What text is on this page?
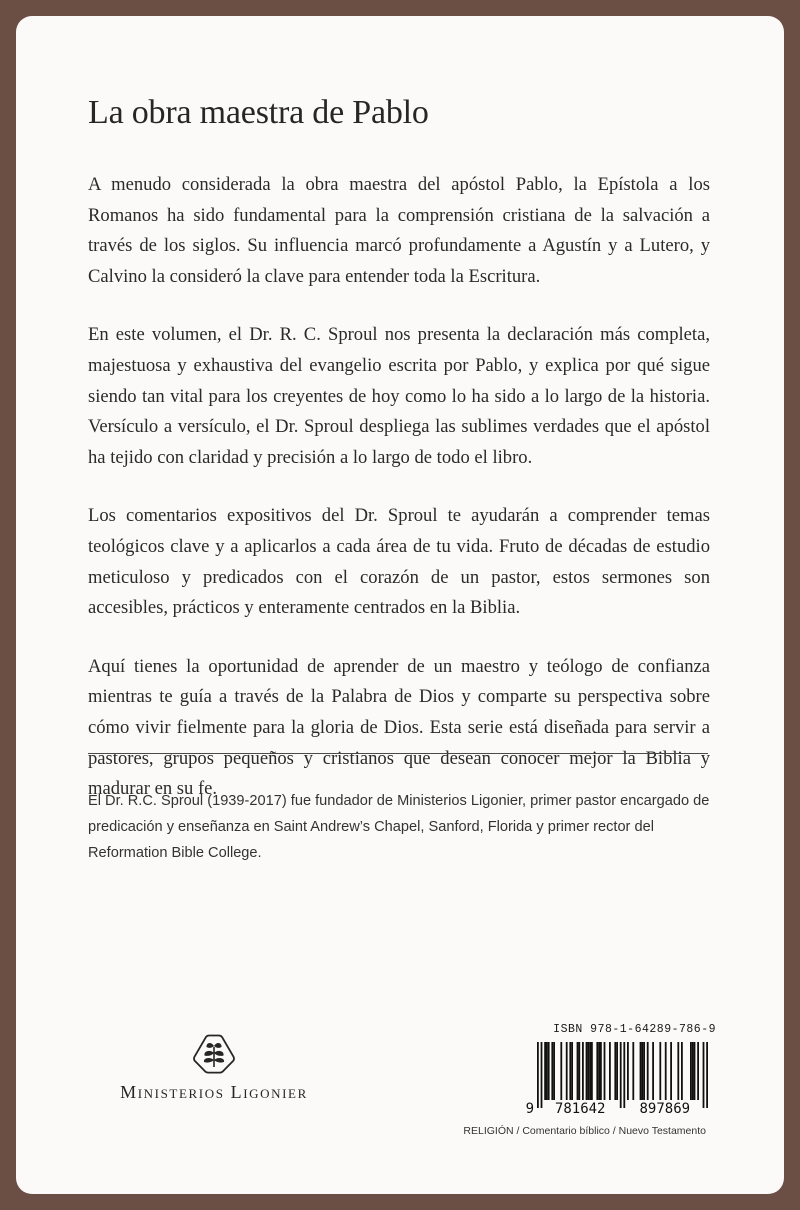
La obra maestra de Pablo

A menudo considerada la obra maestra del apóstol Pablo, la Epístola a los Romanos ha sido fundamental para la comprensión cristiana de la salvación a través de los siglos. Su influencia marcó profundamente a Agustín y a Lutero, y Calvino la consideró la clave para entender toda la Escritura.

En este volumen, el Dr. R. C. Sproul nos presenta la declaración más completa, majestuosa y exhaustiva del evangelio escrita por Pablo, y explica por qué sigue siendo tan vital para los creyentes de hoy como lo ha sido a lo largo de la historia. Versículo a versículo, el Dr. Sproul despliega las sublimes verdades que el apóstol ha tejido con claridad y precisión a lo largo de todo el libro.

Los comentarios expositivos del Dr. Sproul te ayudarán a comprender temas teológicos clave y a aplicarlos a cada área de tu vida. Fruto de décadas de estudio meticuloso y predicados con el corazón de un pastor, estos sermones son accesibles, prácticos y enteramente centrados en la Biblia.

Aquí tienes la oportunidad de aprender de un maestro y teólogo de confianza mientras te guía a través de la Palabra de Dios y comparte su perspectiva sobre cómo vivir fielmente para la gloria de Dios. Esta serie está diseñada para servir a pastores, grupos pequeños y cristianos que desean conocer mejor la Biblia y madurar en su fe.

El Dr. R.C. Sproul (1939-2017) fue fundador de Ministerios Ligonier, primer pastor encargado de predicación y enseñanza en Saint Andrew’s Chapel, Sanford, Florida y primer rector del Reformation Bible College.

Ministerios Ligonier
ISBN 978-1-64289-786-9
9 781642 897869
RELIGIÓN / Comentario bíblico / Nuevo Testamento
